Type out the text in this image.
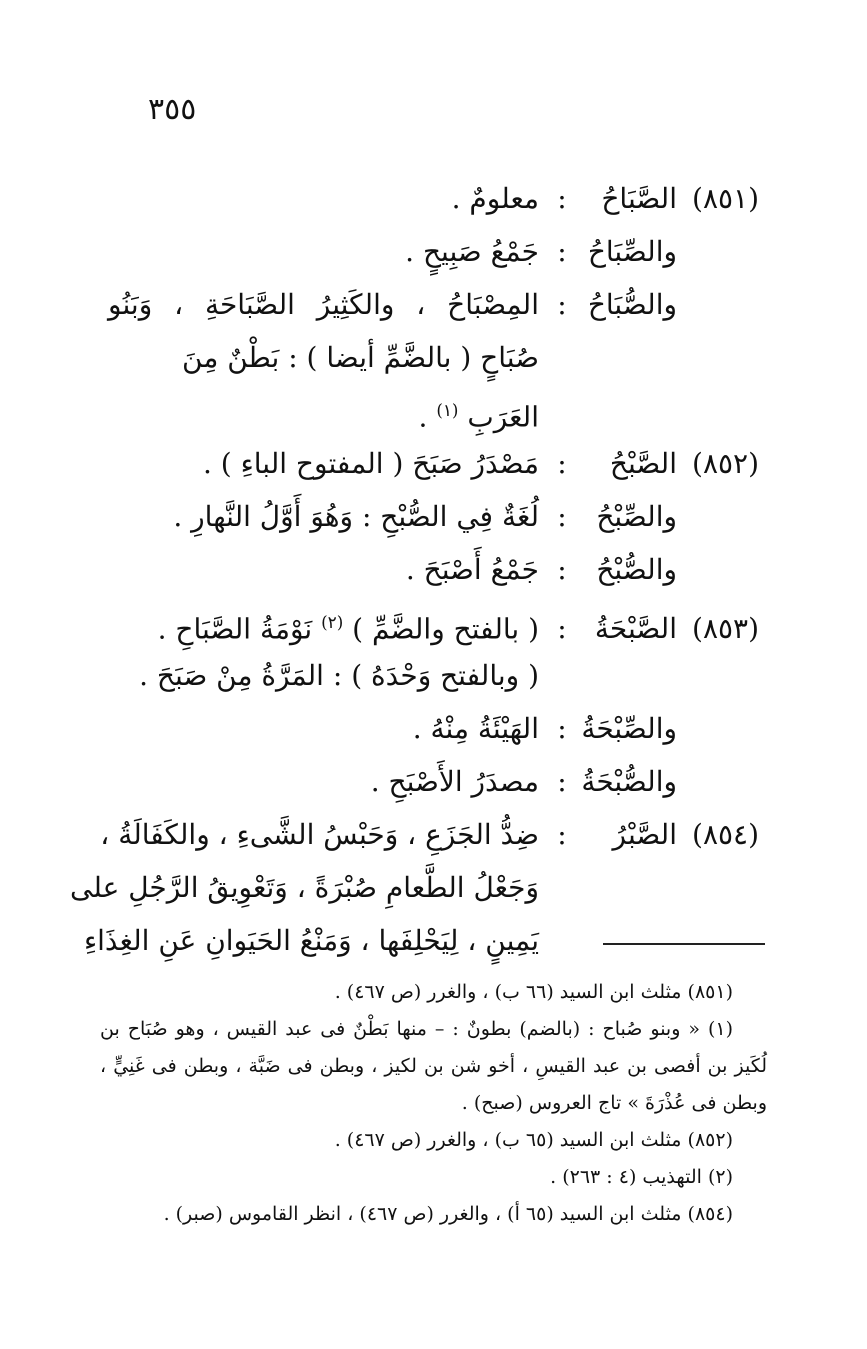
٣٥٥
(٨٥١)
الصَّبَاحُ
:
معلومٌ .
والصِّبَاحُ
:
جَمْعُ صَبِيحٍ .
والصُّبَاحُ
:
المِصْبَاحُ ، والكَثِيرُ الصَّبَاحَةِ ، وَبَنُو
صُبَاحٍ ( بالضَّمِّ أيضا ) : بَطْنٌ مِنَ
العَرَبِ $^{(١)}$ .
(٨٥٢)
الصَّبْحُ
:
مَصْدَرُ صَبَحَ ( المفتوح الباءِ ) .
والصِّبْحُ
:
لُغَةٌ فِي الصُّبْحِ : وَهُوَ أَوَّلُ النَّهارِ .
والصُّبْحُ
:
جَمْعُ أَصْبَحَ .
(٨٥٣)
الصَّبْحَةُ
:
( بالفتح والضَّمِّ ) $^{(٢)}$ نَوْمَةُ الصَّبَاحِ .
( وبالفتح وَحْدَهُ ) : المَرَّةُ مِنْ صَبَحَ .
والصِّبْحَةُ
:
الهَيْئَةُ مِنْهُ .
والصُّبْحَةُ
:
مصدَرُ الأَصْبَحِ .
(٨٥٤)
الصَّبْرُ
:
ضِدُّ الجَزَعِ ، وَحَبْسُ الشَّىءِ ، والكَفَالَةُ ،
وَجَعْلُ الطَّعامِ صُبْرَةً ، وَتَعْوِيقُ الرَّجُلِ على
يَمِينٍ ، لِيَحْلِفَها ، وَمَنْعُ الحَيَوانِ عَنِ الغِذَاءِ
(٨٥١) مثلث ابن السيد (٦٦ ب) ، والغرر (ص ٤٦٧) .
(١) « وبنو صُباح : (بالضم) بطونٌ : – منها بَطْنٌ فى عبد القيس ، وهو صُبَاح بن
لُكَيز بن أفصى بن عبد القيسِ ، أخو شن بن لكيز ، وبطن فى ضَبَّة ، وبطن فى غَنِيٍّ ،
وبطن فى عُذْرَةَ » تاج العروس (صبح) .
(٨٥٢) مثلث ابن السيد (٦٥ ب) ، والغرر (ص ٤٦٧) .
(٢) التهذيب (٤ : ٢٦٣) .
(٨٥٤) مثلث ابن السيد (٦٥ أ) ، والغرر (ص ٤٦٧) ، انظر القاموس (صبر) .
